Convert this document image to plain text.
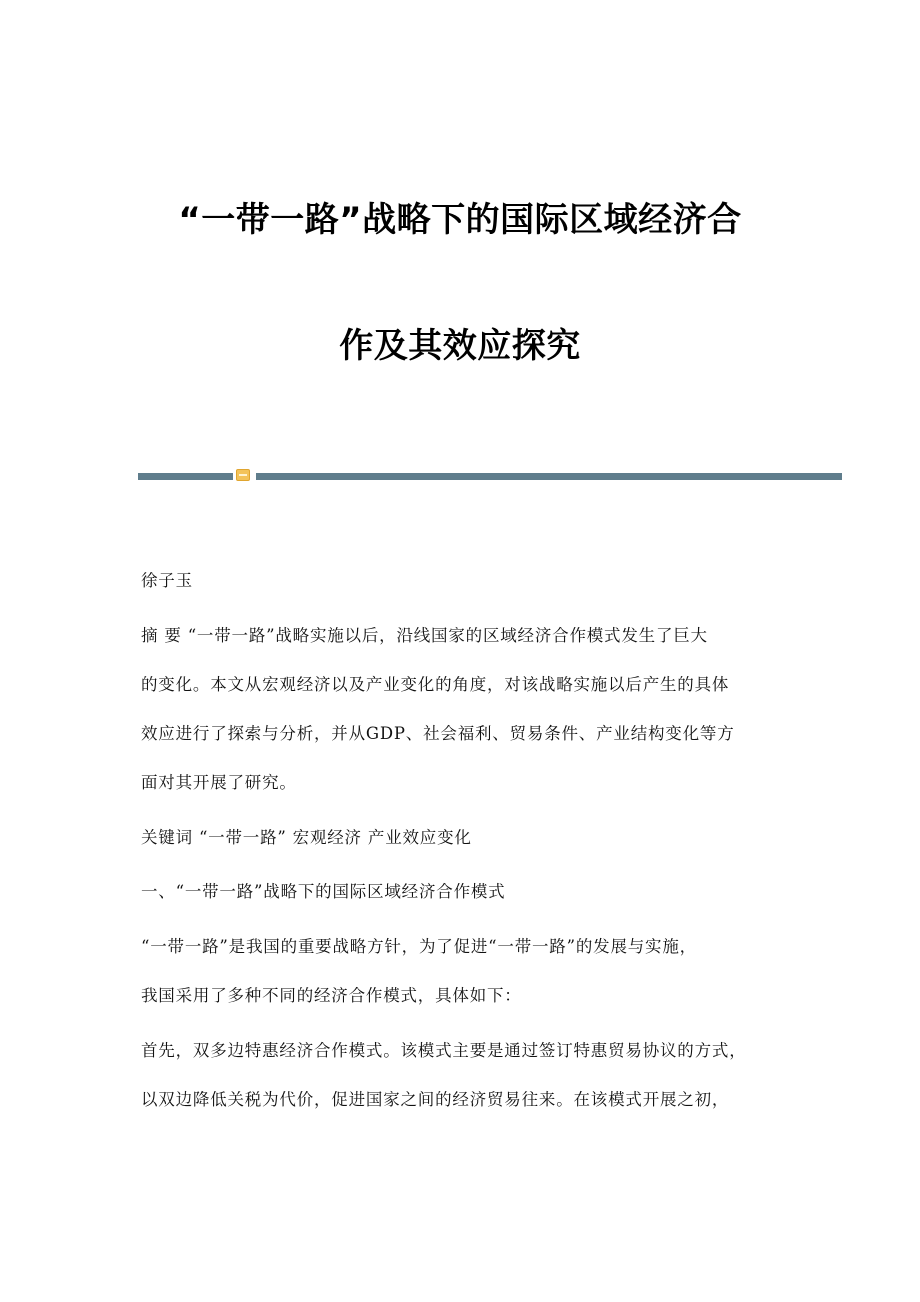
“一带一路”战略下的国际区域经济合
作及其效应探究
徐子玉
摘 要 “一带一路”战略实施以后，沿线国家的区域经济合作模式发生了巨大
的变化。本文从宏观经济以及产业变化的角度，对该战略实施以后产生的具体
效应进行了探索与分析，并从GDP、社会福利、贸易条件、产业结构变化等方
面对其开展了研究。
关键词 “一带一路” 宏观经济 产业效应变化
一、“一带一路”战略下的国际区域经济合作模式
“一带一路”是我国的重要战略方针，为了促进“一带一路”的发展与实施，
我国采用了多种不同的经济合作模式，具体如下：
首先，双多边特惠经济合作模式。该模式主要是通过签订特惠贸易协议的方式，
以双边降低关税为代价，促进国家之间的经济贸易往来。在该模式开展之初，
